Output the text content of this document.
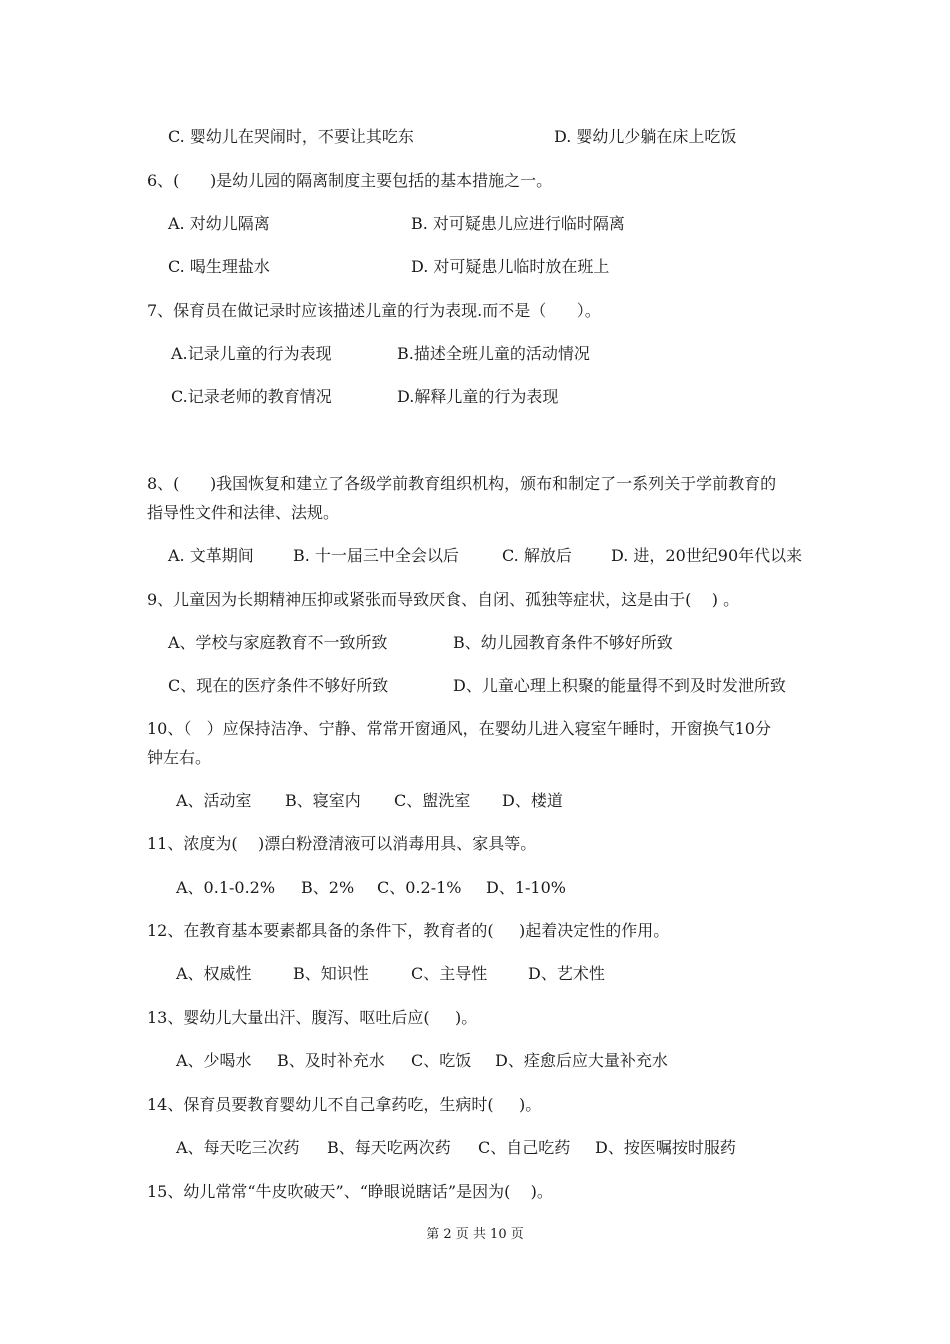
C. 婴幼儿在哭闹时，不要让其吃东

	D. 婴幼儿少躺在床上吃饭

6、(      )是幼儿园的隔离制度主要包括的基本措施之一。

A. 对幼儿隔离

	B. 对可疑患儿应进行临时隔离

C. 喝生理盐水

	D. 对可疑患儿临时放在班上

7、保育员在做记录时应该描述儿童的行为表现.而不是（      ）。

A.记录儿童的行为表现

	B.描述全班儿童的活动情况

C.记录老师的教育情况

	D.解释儿童的行为表现

8、(      )我国恢复和建立了各级学前教育组织机构，颁布和制定了一系列关于学前教育的
指导性文件和法律、法规。

A. 文革期间

B. 十一届三中全会以后

	C. 解放后

D. 进，20世纪90年代以来

9、儿童因为长期精神压抑或紧张而导致厌食、自闭、孤独等症状，这是由于(    ) 。

A、学校与家庭教育不一致所致

	B、幼儿园教育条件不够好所致

C、现在的医疗条件不够好所致

	D、儿童心理上积聚的能量得不到及时发泄所致

10、（   ）应保持洁净、宁静、常常开窗通风，在婴幼儿进入寝室午睡时，开窗换气10分
钟左右。

A、活动室

B、寝室内

C、盥洗室

D、楼道

11、浓度为(    )漂白粉澄清液可以消毒用具、家具等。

A、0.1-0.2%

B、2%

C、0.2-1%

D、1-10%

12、在教育基本要素都具备的条件下，教育者的(     )起着决定性的作用。

A、权威性

	B、知识性

	C、主导性

	D、艺术性

13、婴幼儿大量出汗、腹泻、呕吐后应(     )。

A、少喝水

B、及时补充水

C、吃饭

D、痊愈后应大量补充水

14、保育员要教育婴幼儿不自己拿药吃，生病时(     )。

A、每天吃三次药

B、每天吃两次药

C、自己吃药

D、按医嘱按时服药

15、幼儿常常“牛皮吹破天”、“睁眼说瞎话”是因为(    )。
第 2 页 共 10 页
